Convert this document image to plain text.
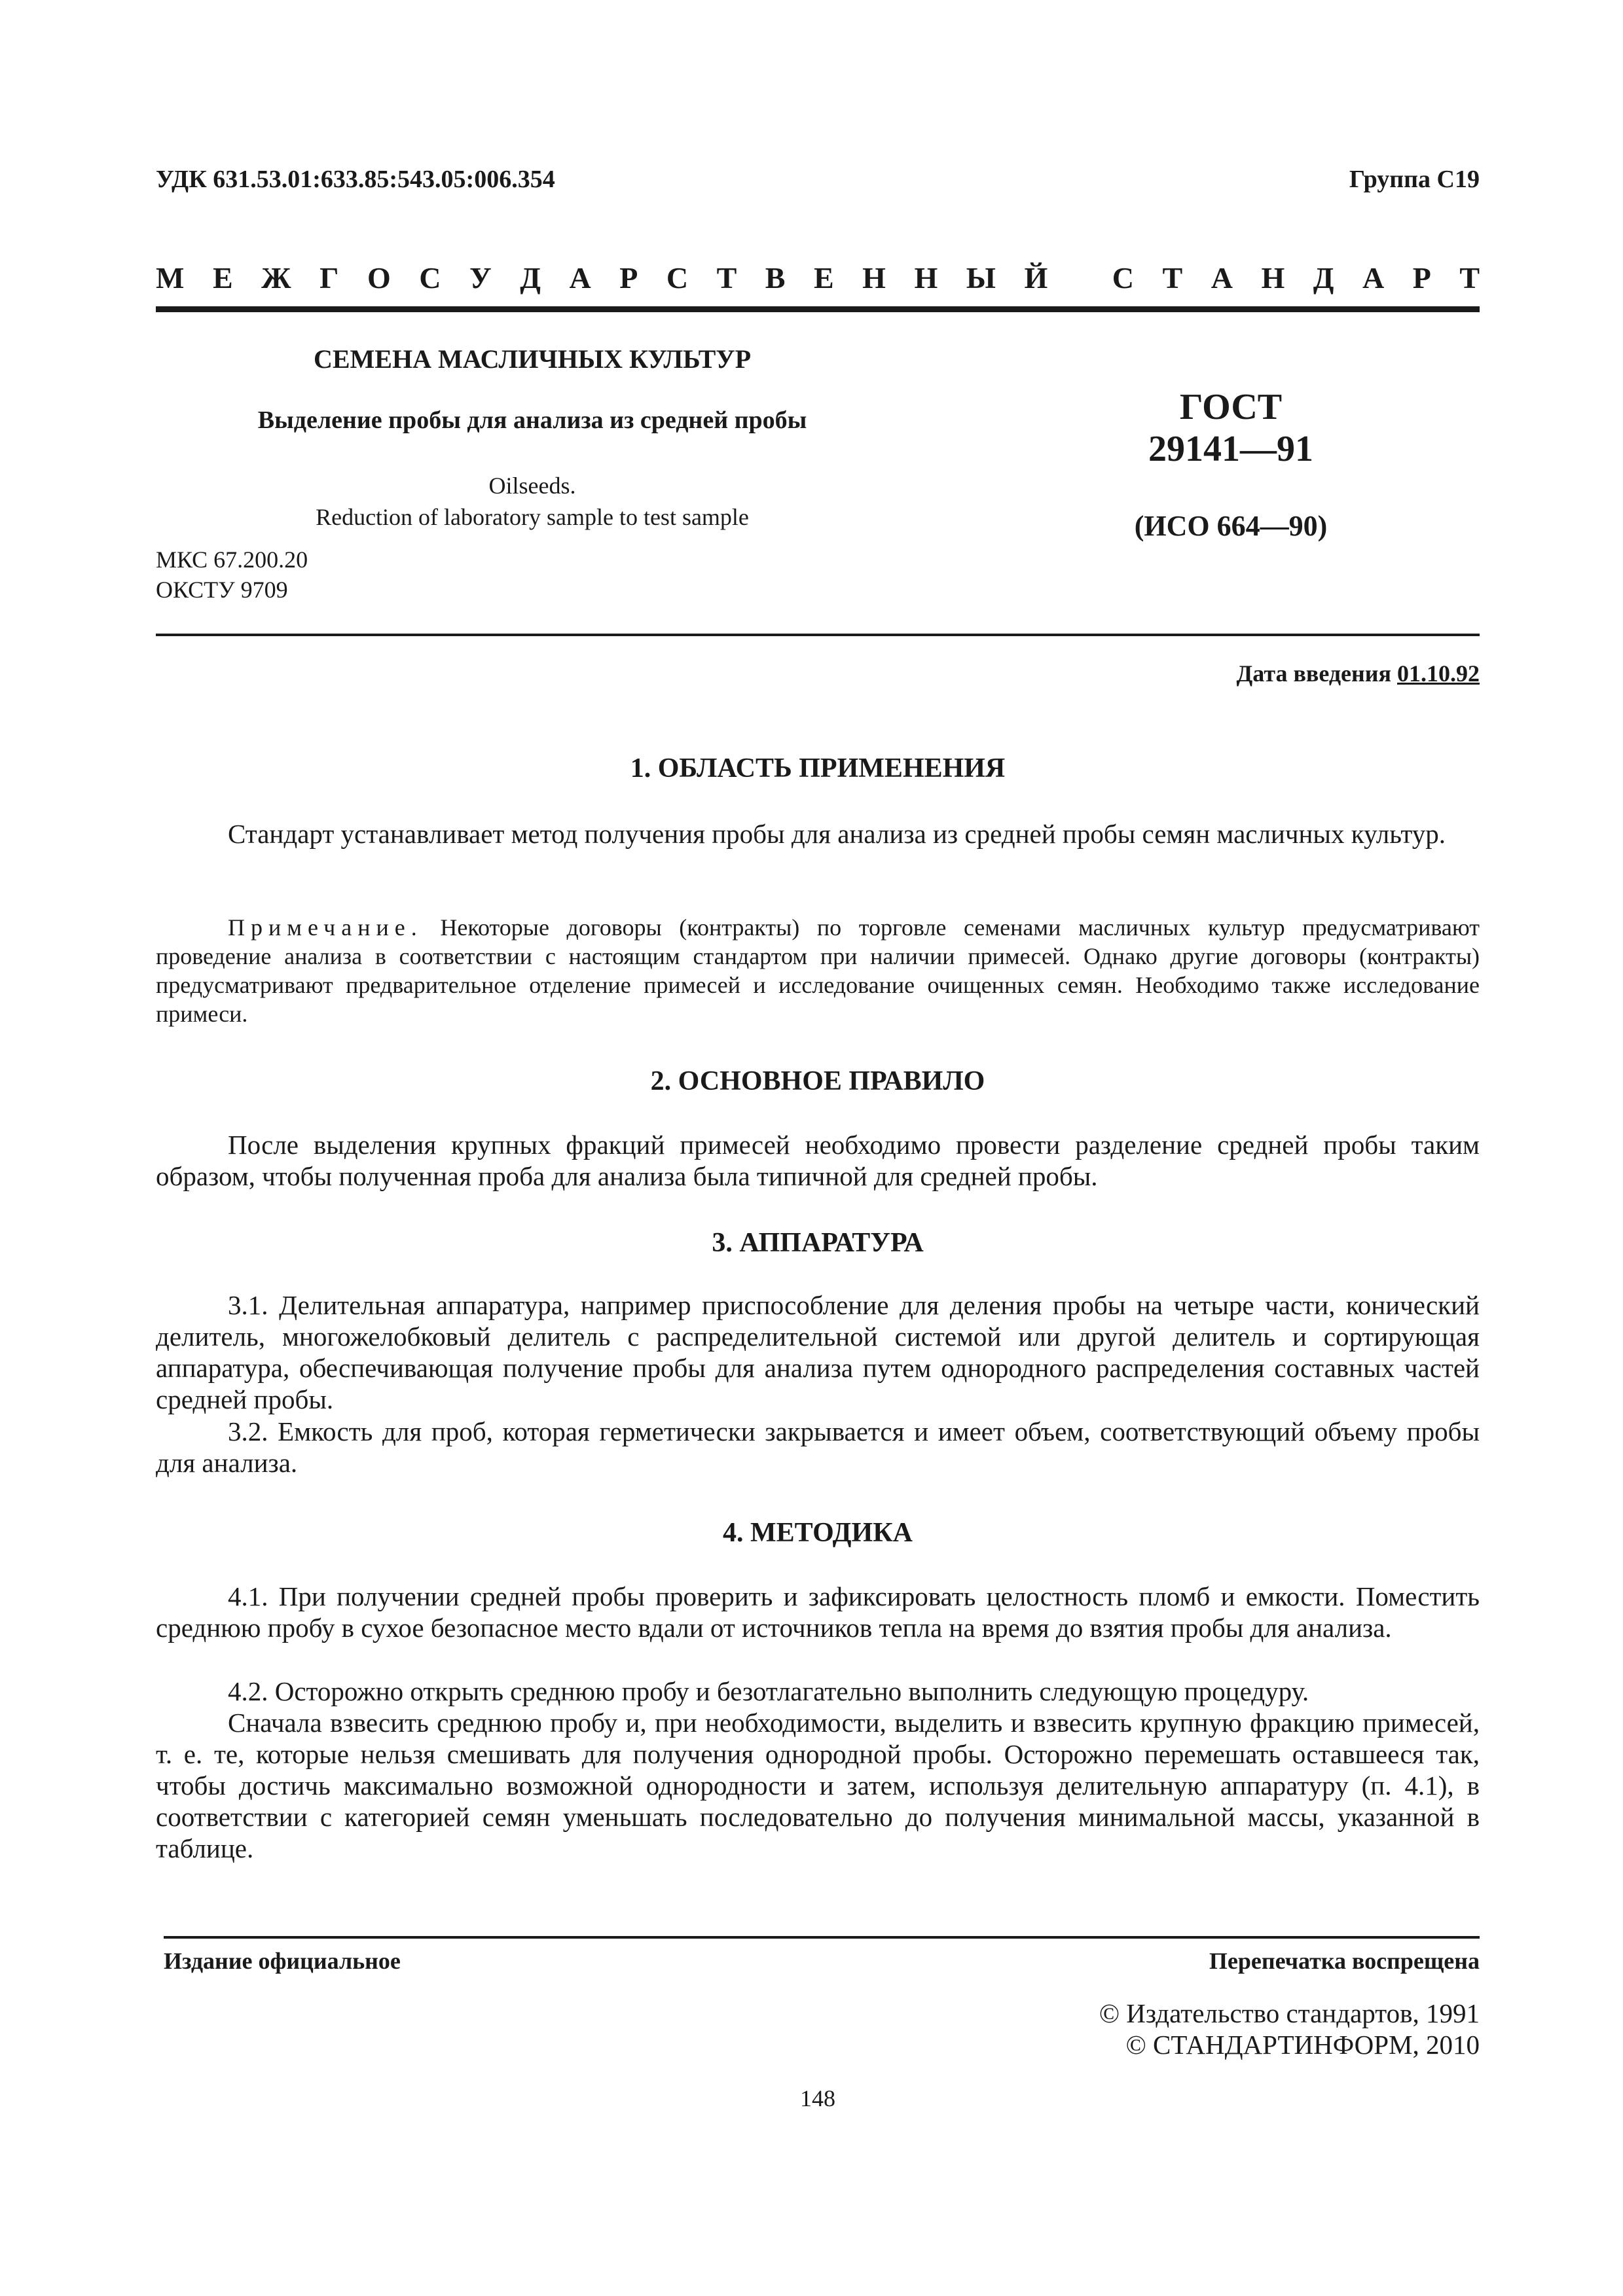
УДК 631.53.01:633.85:543.05:006.354	Группа С19
М Е Ж Г О С У Д А Р С Т В Е Н Н Ы Й
С Т А Н Д А Р Т
СЕМЕНА МАСЛИЧНЫХ КУЛЬТУР
Выделение пробы для анализа из средней пробы
Oilseeds.
Reduction of laboratory sample to test sample
ГОСТ
29141—91
(ИСО 664—90)
МКС 67.200.20
ОКСТУ 9709
Дата введения 01.10.92
1. ОБЛАСТЬ ПРИМЕНЕНИЯ
Стандарт устанавливает метод получения пробы для анализа из средней пробы семян масличных культур.
Примечание. Некоторые договоры (контракты) по торговле семенами масличных культур предусматривают проведение анализа в соответствии с настоящим стандартом при наличии примесей. Однако другие договоры (контракты) предусматривают предварительное отделение примесей и исследование очищенных семян. Необходимо также исследование примеси.
2. ОСНОВНОЕ ПРАВИЛО
После выделения крупных фракций примесей необходимо провести разделение средней пробы таким образом, чтобы полученная проба для анализа была типичной для средней пробы.
3. АППАРАТУРА
3.1. Делительная аппаратура, например приспособление для деления пробы на четыре части, конический делитель, многожелобковый делитель с распределительной системой или другой делитель и сортирующая аппаратура, обеспечивающая получение пробы для анализа путем однородного распределения составных частей средней пробы.
3.2. Емкость для проб, которая герметически закрывается и имеет объем, соответствующий объему пробы для анализа.
4. МЕТОДИКА
4.1. При получении средней пробы проверить и зафиксировать целостность пломб и емкости. Поместить среднюю пробу в сухое безопасное место вдали от источников тепла на время до взятия пробы для анализа.
4.2. Осторожно открыть среднюю пробу и безотлагательно выполнить следующую процедуру.
Сначала взвесить среднюю пробу и, при необходимости, выделить и взвесить крупную фракцию примесей, т. е. те, которые нельзя смешивать для получения однородной пробы. Осторожно перемешать оставшееся так, чтобы достичь максимально возможной однородности и затем, используя делительную аппаратуру (п. 4.1), в соответствии с категорией семян уменьшать последовательно до получения минимальной массы, указанной в таблице.
Издание официальное	Перепечатка воспрещена
© Издательство стандартов, 1991
© СТАНДАРТИНФОРМ, 2010
148
